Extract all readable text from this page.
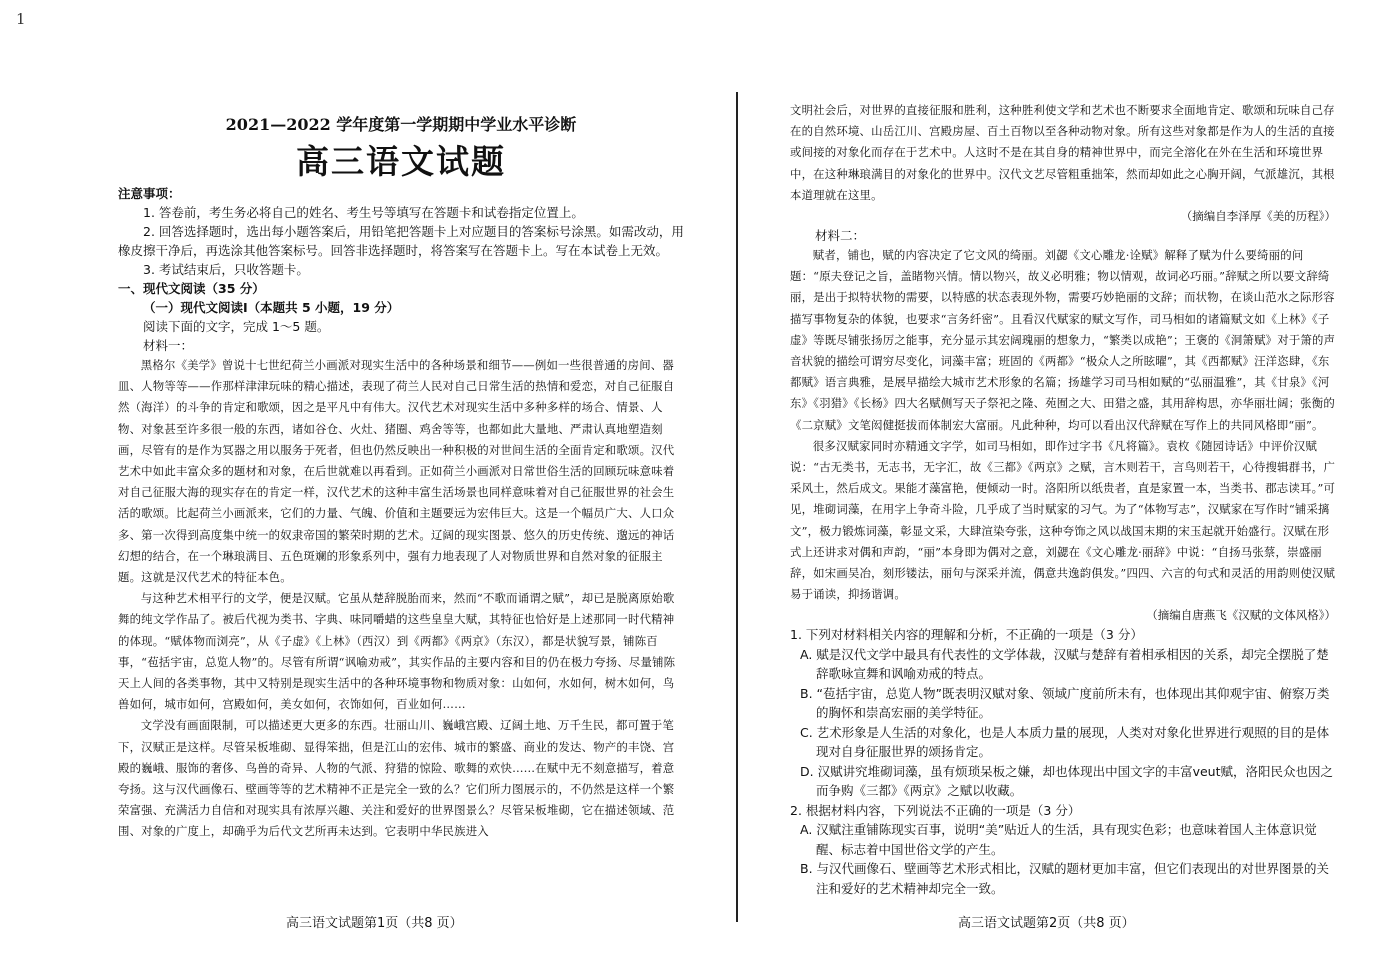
1

2021—2022 学年度第一学期期中学业水平诊断

高三语文试题

注意事项：

1. 答卷前，考生务必将自己的姓名、考生号等填写在答题卡和试卷指定位置上。

2. 回答选择题时，选出每小题答案后，用铅笔把答题卡上对应题目的答案标号涂黑。如需改动，用橡皮擦干净后，再选涂其他答案标号。回答非选择题时，将答案写在答题卡上。写在本试卷上无效。

3. 考试结束后，只收答题卡。

一、现代文阅读（35 分）

（一）现代文阅读Ⅰ（本题共 5 小题，19 分）

阅读下面的文字，完成 1～5 题。

材料一：

黑格尔《美学》曾说十七世纪荷兰小画派对现实生活中的各种场景和细节——例如一些很普通的房间、器皿、人物等等——作那样津津玩味的精心描述，表现了荷兰人民对自己日常生活的热情和爱恋，对自己征服自然（海洋）的斗争的肯定和歌颂，因之是平凡中有伟大。汉代艺术对现实生活中多种多样的场合、情景、人物、对象甚至许多很一般的东西，诸如谷仓、火灶、猪圈、鸡舍等等，也都如此大量地、严肃认真地塑造刻画，尽管有的是作为冥器之用以服务于死者，但也仍然反映出一种积极的对世间生活的全面肯定和歌颂。汉代艺术中如此丰富众多的题材和对象，在后世就难以再看到。正如荷兰小画派对日常世俗生活的回顾玩味意味着对自己征服大海的现实存在的肯定一样，汉代艺术的这种丰富生活场景也同样意味着对自己征服世界的社会生活的歌颂。比起荷兰小画派来，它们的力量、气魄、价值和主题要远为宏伟巨大。这是一个幅员广大、人口众多、第一次得到高度集中统一的奴隶帝国的繁荣时期的艺术。辽阔的现实图景、悠久的历史传统、邈远的神话幻想的结合，在一个琳琅满目、五色斑斓的形象系列中，强有力地表现了人对物质世界和自然对象的征服主题。这就是汉代艺术的特征本色。

与这种艺术相平行的文学，便是汉赋。它虽从楚辞脱胎而来，然而“不歌而诵谓之赋”，却已是脱离原始歌舞的纯文学作品了。被后代视为类书、字典、味同嚼蜡的这些皇皇大赋，其特征也恰好是上述那同一时代精神的体现。“赋体物而浏亮”，从《子虚》《上林》（西汉）到《两都》《两京》（东汉），都是状貌写景，铺陈百事，“苞括宇宙，总览人物”的。尽管有所谓“讽喻劝戒”，其实作品的主要内容和目的仍在极力夸扬、尽量铺陈天上人间的各类事物，其中又特别是现实生活中的各种环境事物和物质对象：山如何，水如何，树木如何，鸟兽如何，城市如何，宫殿如何，美女如何，衣饰如何，百业如何……

文学没有画面限制，可以描述更大更多的东西。壮丽山川、巍峨宫殿、辽阔土地、万千生民，都可置于笔下，汉赋正是这样。尽管呆板堆砌、显得笨拙，但是江山的宏伟、城市的繁盛、商业的发达、物产的丰饶、宫殿的巍峨、服饰的奢侈、鸟兽的奇异、人物的气派、狩猎的惊险、歌舞的欢快……在赋中无不刻意描写，着意夸扬。这与汉代画像石、壁画等等的艺术精神不正是完全一致的么？它们所力图展示的，不仍然是这样一个繁荣富强、充满活力自信和对现实具有浓厚兴趣、关注和爱好的世界图景么？尽管呆板堆砌，它在描述领域、范围、对象的广度上，却确乎为后代文艺所再未达到。它表明中华民族进入

高三语文试题第1页（共8 页）

文明社会后，对世界的直接征服和胜利，这种胜利使文学和艺术也不断要求全面地肯定、歌颂和玩味自己存在的自然环境、山岳江川、宫殿房屋、百土百物以至各种动物对象。所有这些对象都是作为人的生活的直接或间接的对象化而存在于艺术中。人这时不是在其自身的精神世界中，而完全溶化在外在生活和环境世界中，在这种琳琅满目的对象化的世界中。汉代文艺尽管粗重拙笨，然而却如此之心胸开阔，气派雄沉，其根本道理就在这里。

（摘编自李泽厚《美的历程》）

材料二：

赋者，铺也，赋的内容决定了它文风的绮丽。刘勰《文心雕龙·诠赋》解释了赋为什么要绮丽的问题：“原夫登记之旨，盖睹物兴情。情以物兴，故义必明雅；物以情观，故词必巧丽。”辞赋之所以要文辞绮丽，是出于拟特状物的需要，以特感的状态表现外物，需要巧妙艳丽的文辞；而状物，在谈山范水之际形容描写事物复杂的体貌，也要求“言务纤密”。且看汉代赋家的赋文写作，司马相如的诸篇赋文如《上林》《子虚》等既尽铺张扬厉之能事，充分显示其宏阔瑰丽的想象力，“繁类以成艳”；王褒的《洞箫赋》对于箫的声音状貌的描绘可谓穷尽变化，词藻丰富；班固的《两都》“极众人之所眩曜”，其《西都赋》汪洋恣肆，《东都赋》语言典雅，是展早描绘大城市艺术形象的名篇；扬雄学习司马相如赋的“弘丽温雅”，其《甘泉》《河东》《羽猎》《长杨》四大名赋侧写天子祭祀之隆、苑囿之大、田猎之盛，其用辞构思，亦华丽壮阔；张衡的《二京赋》文笔闳健挺拔而体制宏大富丽。凡此种种，均可以看出汉代辞赋在写作上的共同风格即“丽”。

很多汉赋家同时亦精通文字学，如司马相如，即作过字书《凡将篇》。袁枚《随园诗话》中评价汉赋说：“古无类书，无志书，无字汇，故《三都》《两京》之赋，言木则若干，言鸟则若干，心待搜辑群书，广采风土，然后成文。果能才藻富艳，便倾动一时。洛阳所以纸贵者，直是家置一本，当类书、郡志读耳。”可见，堆砌词藻，在用字上争奇斗险，几乎成了当时赋家的习气。为了“体物写志”，汉赋家在写作时“铺采摛文”，极力锻炼词藻，彰显文采，大肆渲染夸张，这种夸饰之风以战国末期的宋玉起就开始盛行。汉赋在形式上还讲求对偶和声韵，“丽”本身即为偶对之意，刘勰在《文心雕龙·丽辞》中说：“自扬马张蔡，崇盛丽辞，如宋画吴冶，刻形镂法，丽句与深采并流，偶意共逸韵俱发。”四四、六言的句式和灵活的用韵则使汉赋易于诵读，抑扬谐调。

（摘编自唐燕飞《汉赋的文体风格》）

1. 下列对材料相关内容的理解和分析，不正确的一项是（3 分）

A. 赋是汉代文学中最具有代表性的文学体裁，汉赋与楚辞有着相承相因的关系，却完全摆脱了楚辞歌咏宣舞和讽喻劝戒的特点。

B. “苞括宇宙，总览人物”既表明汉赋对象、领域广度前所未有，也体现出其仰观宇宙、俯察万类的胸怀和崇高宏丽的美学特征。

C. 艺术形象是人生活的对象化，也是人本质力量的展现，人类对对象化世界进行观照的目的是体现对自身征服世界的颂扬肯定。

D. 汉赋讲究堆砌词藻，虽有烦琐呆板之嫌，却也体现出中国文字的丰富veut赋，洛阳民众也因之而争购《三都》《两京》之赋以收藏。

2. 根据材料内容，下列说法不正确的一项是（3 分）

A. 汉赋注重铺陈现实百事，说明“美”贴近人的生活，具有现实色彩；也意味着国人主体意识觉醒、标志着中国世俗文学的产生。

B. 与汉代画像石、壁画等艺术形式相比，汉赋的题材更加丰富，但它们表现出的对世界图景的关注和爱好的艺术精神却完全一致。

高三语文试题第2页（共8 页）
